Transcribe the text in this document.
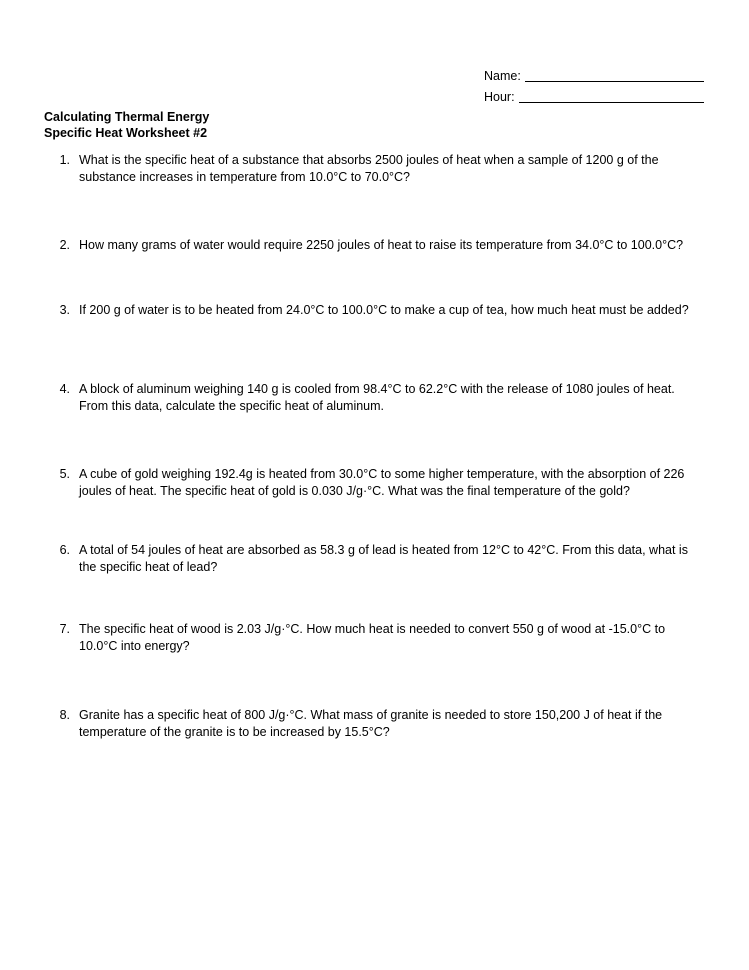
Name:
Hour:
Calculating Thermal Energy
Specific Heat Worksheet #2
1. What is the specific heat of a substance that absorbs 2500 joules of heat when a sample of 1200 g of the substance increases in temperature from 10.0°C to 70.0°C?
2. How many grams of water would require 2250 joules of heat to raise its temperature from 34.0°C to 100.0°C?
3. If 200 g of water is to be heated from 24.0°C to 100.0°C to make a cup of tea, how much heat must be added?
4. A block of aluminum weighing 140 g is cooled from 98.4°C to 62.2°C with the release of 1080 joules of heat. From this data, calculate the specific heat of aluminum.
5. A cube of gold weighing 192.4g is heated from 30.0°C to some higher temperature, with the absorption of 226 joules of heat. The specific heat of gold is 0.030 J/g·°C. What was the final temperature of the gold?
6. A total of 54 joules of heat are absorbed as 58.3 g of lead is heated from 12°C to 42°C. From this data, what is the specific heat of lead?
7. The specific heat of wood is 2.03 J/g·°C. How much heat is needed to convert 550 g of wood at -15.0°C to 10.0°C into energy?
8. Granite has a specific heat of 800 J/g·°C. What mass of granite is needed to store 150,200 J of heat if the temperature of the granite is to be increased by 15.5°C?
